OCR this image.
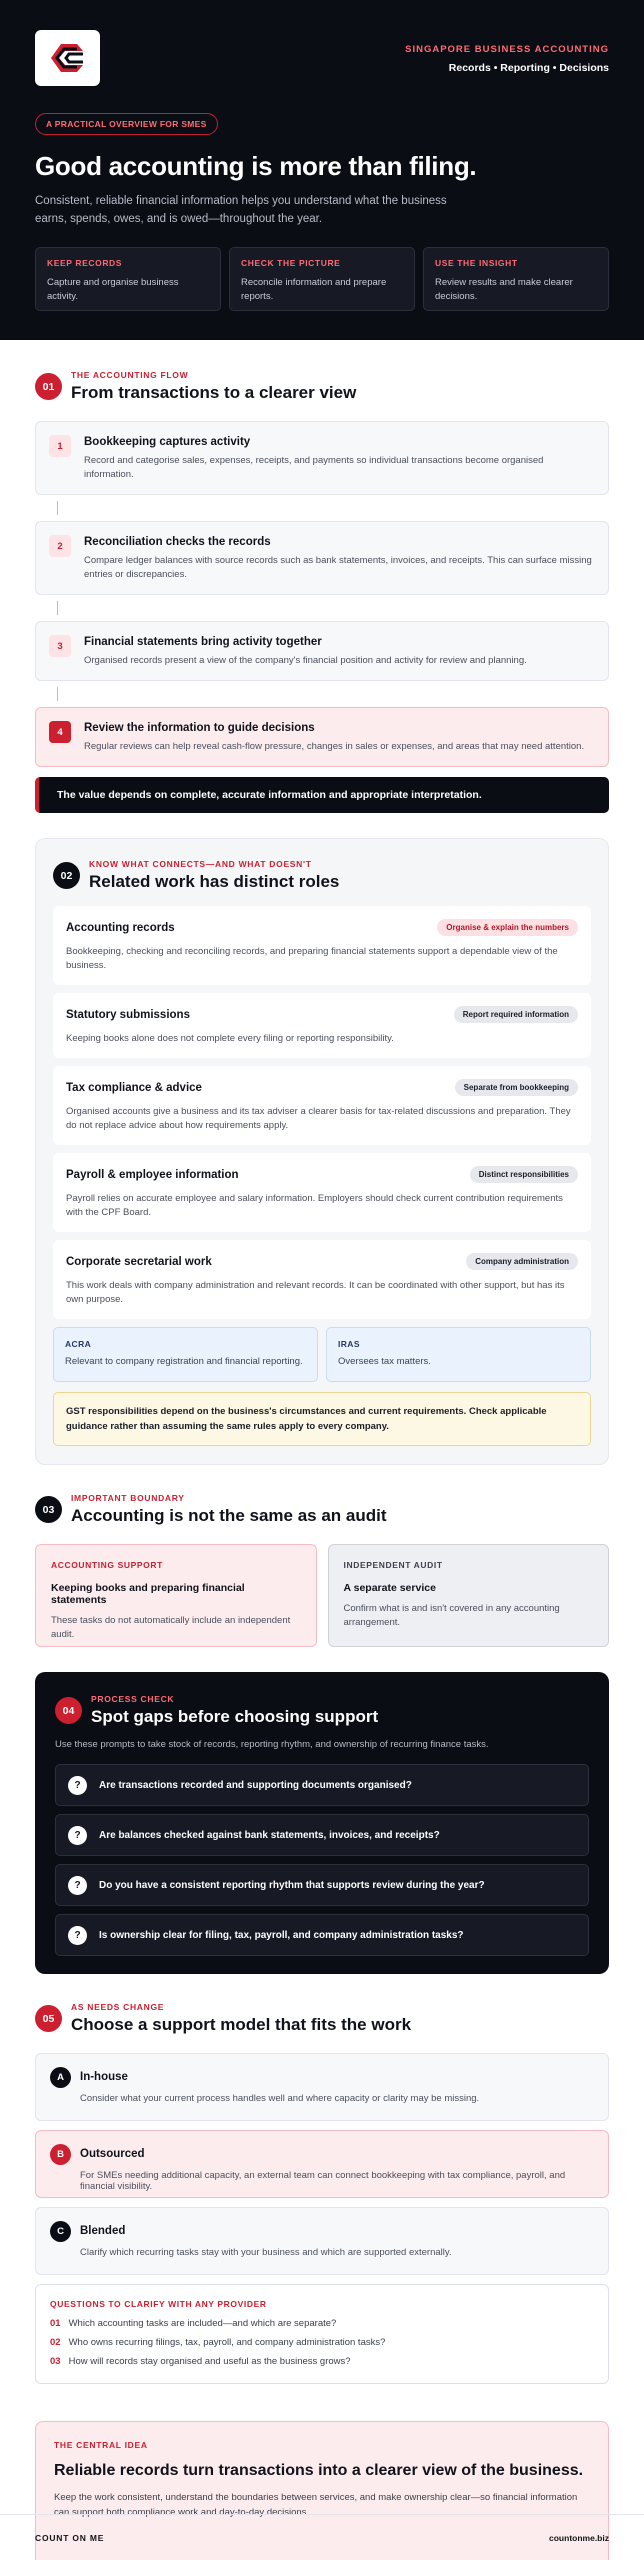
SINGAPORE BUSINESS ACCOUNTING
Records • Reporting • Decisions
A PRACTICAL OVERVIEW FOR SMES
Good accounting is more than filing.

Consistent, reliable financial information helps you understand what the business earns, spends, owes, and is owed—throughout the year.

KEEP RECORDS
Capture and organise business activity.
CHECK THE PICTURE
Reconcile information and prepare reports.
USE THE INSIGHT
Review results and make clearer decisions.
01
THE ACCOUNTING FLOW
From transactions to a clearer view
1	Bookkeeping captures activity
Record and categorise sales, expenses, receipts, and payments so individual transactions become organised information.
2	Reconciliation checks the records
Compare ledger balances with source records such as bank statements, invoices, and receipts. This can surface missing entries or discrepancies.
3	Financial statements bring activity together
Organised records present a view of the company's financial position and activity for review and planning.
4	Review the information to guide decisions
Regular reviews can help reveal cash-flow pressure, changes in sales or expenses, and areas that may need attention.
The value depends on complete, accurate information and appropriate interpretation.
02
KNOW WHAT CONNECTS—AND WHAT DOESN'T
Related work has distinct roles
Accounting records	Organise & explain the numbers
Bookkeeping, checking and reconciling records, and preparing financial statements support a dependable view of the business.
Statutory submissions	Report required information
Keeping books alone does not complete every filing or reporting responsibility.
Tax compliance & advice	Separate from bookkeeping
Organised accounts give a business and its tax adviser a clearer basis for tax-related discussions and preparation. They do not replace advice about how requirements apply.
Payroll & employee information	Distinct responsibilities
Payroll relies on accurate employee and salary information. Employers should check current contribution requirements with the CPF Board.
Corporate secretarial work	Company administration
This work deals with company administration and relevant records. It can be coordinated with other support, but has its own purpose.
ACRA
Relevant to company registration and financial reporting.
IRAS
Oversees tax matters.
GST responsibilities depend on the business's circumstances and current requirements. Check applicable guidance rather than assuming the same rules apply to every company.
03
IMPORTANT BOUNDARY
Accounting is not the same as an audit
ACCOUNTING SUPPORT
Keeping books and preparing financial statements
These tasks do not automatically include an independent audit.
INDEPENDENT AUDIT
A separate service
Confirm what is and isn't covered in any accounting arrangement.
04
PROCESS CHECK
Spot gaps before choosing support
Use these prompts to take stock of records, reporting rhythm, and ownership of recurring finance tasks.
?	Are transactions recorded and supporting documents organised?
?	Are balances checked against bank statements, invoices, and receipts?
?	Do you have a consistent reporting rhythm that supports review during the year?
?	Is ownership clear for filing, tax, payroll, and company administration tasks?
05
AS NEEDS CHANGE
Choose a support model that fits the work
A	In-house
Consider what your current process handles well and where capacity or clarity may be missing.
B	Outsourced
For SMEs needing additional capacity, an external team can connect bookkeeping with tax compliance, payroll, and financial visibility.
C	Blended
Clarify which recurring tasks stay with your business and which are supported externally.
QUESTIONS TO CLARIFY WITH ANY PROVIDER
01 Which accounting tasks are included—and which are separate?
02 Who owns recurring filings, tax, payroll, and company administration tasks?
03 How will records stay organised and useful as the business grows?
THE CENTRAL IDEA
Reliable records turn transactions into a clearer view of the business.
Keep the work consistent, understand the boundaries between services, and make ownership clear—so financial information can support both compliance work and day-to-day decisions.
COUNT ON ME	countonme.biz
